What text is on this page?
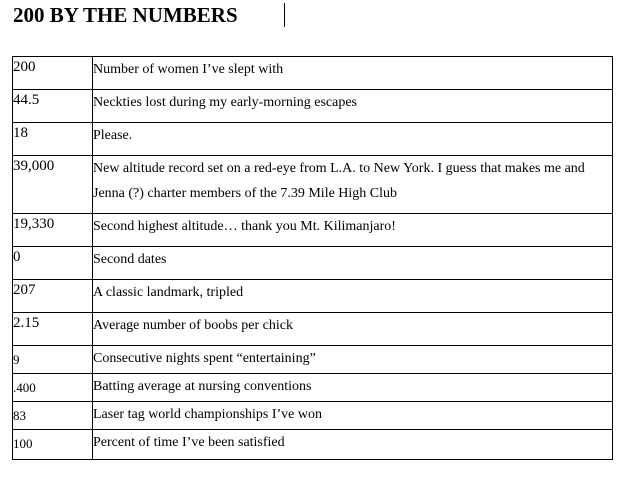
200 BY THE NUMBERS
200	Number of women I’ve slept with
44.5	Neckties lost during my early-morning escapes
18	Please.
39,000	New altitude record set on a red-eye from L.A. to New York. I guess that makes me and Jenna (?) charter members of the 7.39 Mile High Club
19,330	Second highest altitude… thank you Mt. Kilimanjaro!
0	Second dates
207	A classic landmark, tripled
2.15	Average number of boobs per chick
9	Consecutive nights spent “entertaining”
.400	Batting average at nursing conventions
83	Laser tag world championships I’ve won
100	Percent of time I’ve been satisfied
